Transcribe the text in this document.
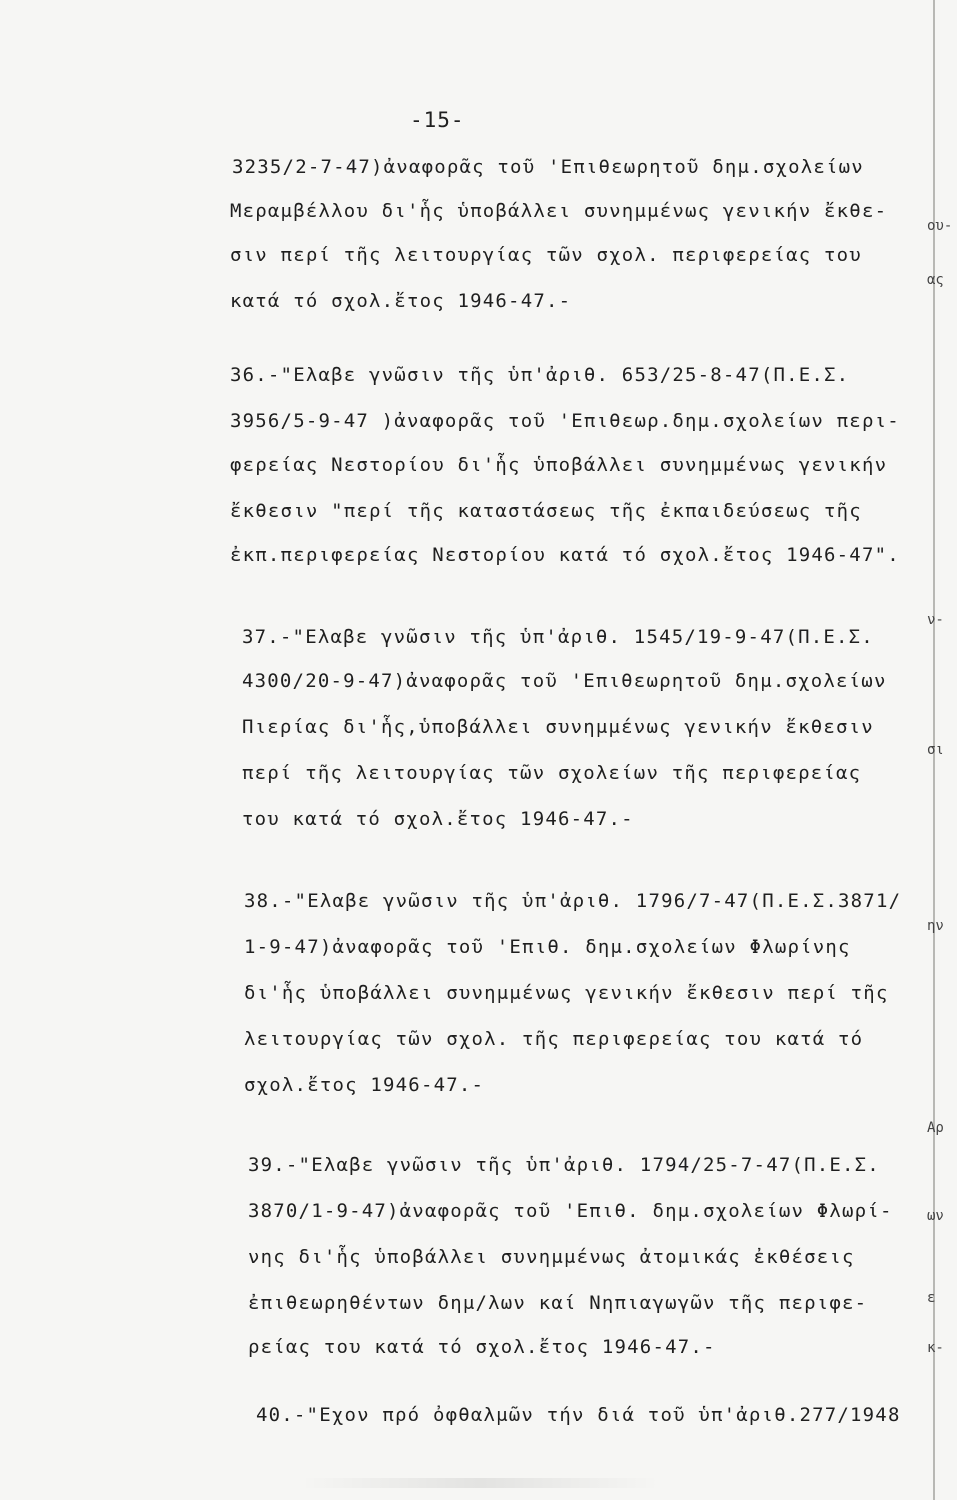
-15-
3235/2-7-47)ἀναφορᾶς τοῦ 'Επιθεωρητοῦ δημ.σχολείων
Μεραμβέλλου δι'ἧς ὑποβάλλει συνημμένως γενικήν ἔκθε-
σιν περί τῆς λειτουργίας τῶν σχολ. περιφερείας του
κατά τό σχολ.ἔτος 1946-47.-
36.-"Ελαβε γνῶσιν τῆς ὑπ'ἀριθ. 653/25-8-47(Π.Ε.Σ.
3956/5-9-47 )ἀναφορᾶς τοῦ 'Επιθεωρ.δημ.σχολείων περι-
φερείας Νεστορίου δι'ἧς ὑποβάλλει συνημμένως γενικήν
ἔκθεσιν "περί τῆς καταστάσεως τῆς ἐκπαιδεύσεως τῆς
ἐκπ.περιφερείας Νεστορίου κατά τό σχολ.ἔτος 1946-47".
37.-"Ελαβε γνῶσιν τῆς ὑπ'ἀριθ. 1545/19-9-47(Π.Ε.Σ.
4300/20-9-47)ἀναφορᾶς τοῦ 'Επιθεωρητοῦ δημ.σχολείων
Πιερίας δι'ἧς,ὑποβάλλει συνημμένως γενικήν ἔκθεσιν
περί τῆς λειτουργίας τῶν σχολείων τῆς περιφερείας
του κατά τό σχολ.ἔτος 1946-47.-
38.-"Ελαβε γνῶσιν τῆς ὑπ'ἀριθ. 1796/7-47(Π.Ε.Σ.3871/
1-9-47)ἀναφορᾶς τοῦ 'Επιθ. δημ.σχολείων Φλωρίνης
δι'ἧς ὑποβάλλει συνημμένως γενικήν ἔκθεσιν περί τῆς
λειτουργίας τῶν σχολ. τῆς περιφερείας του κατά τό
σχολ.ἔτος 1946-47.-
39.-"Ελαβε γνῶσιν τῆς ὑπ'ἀριθ. 1794/25-7-47(Π.Ε.Σ.
3870/1-9-47)ἀναφορᾶς τοῦ 'Επιθ. δημ.σχολείων Φλωρί-
νης δι'ἧς ὑποβάλλει συνημμένως ἀτομικάς ἐκθέσεις
ἐπιθεωρηθέντων δημ/λων καί Νηπιαγωγῶν τῆς περιφε-
ρείας του κατά τό σχολ.ἔτος 1946-47.-
40.-"Εχον πρό ὀφθαλμῶν τήν διά τοῦ ὑπ'ἀριθ.277/1948
ου-
ας
ν-
σι
ην
Αρ
ων
ε
κ-
